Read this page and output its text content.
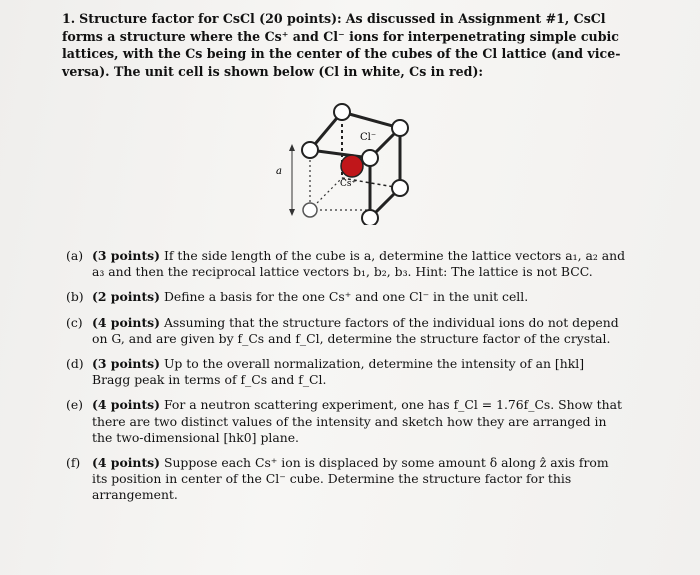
1. Structure factor for CsCl (20 points): As discussed in Assignment #1, CsCl forms a structure where the Cs⁺ and Cl⁻ ions for interpenetrating simple cubic lattices, with the Cs being in the center of the cubes of the Cl lattice (and vice-versa). The unit cell is shown below (Cl in white, Cs in red):
Cl⁻
Cs⁺
a
(a) (3 points) If the side length of the cube is a, determine the lattice vectors a₁, a₂ and a₃ and then the reciprocal lattice vectors b₁, b₂, b₃. Hint: The lattice is not BCC.
(b) (2 points) Define a basis for the one Cs⁺ and one Cl⁻ in the unit cell.
(c) (4 points) Assuming that the structure factors of the individual ions do not depend on G, and are given by f_Cs and f_Cl, determine the structure factor of the crystal.
(d) (3 points) Up to the overall normalization, determine the intensity of an [hkl] Bragg peak in terms of f_Cs and f_Cl.
(e) (4 points) For a neutron scattering experiment, one has f_Cl = 1.76f_Cs. Show that there are two distinct values of the intensity and sketch how they are arranged in the two-dimensional [hk0] plane.
(f) (4 points) Suppose each Cs⁺ ion is displaced by some amount δ along ẑ axis from its position in center of the Cl⁻ cube. Determine the structure factor for this arrangement.
